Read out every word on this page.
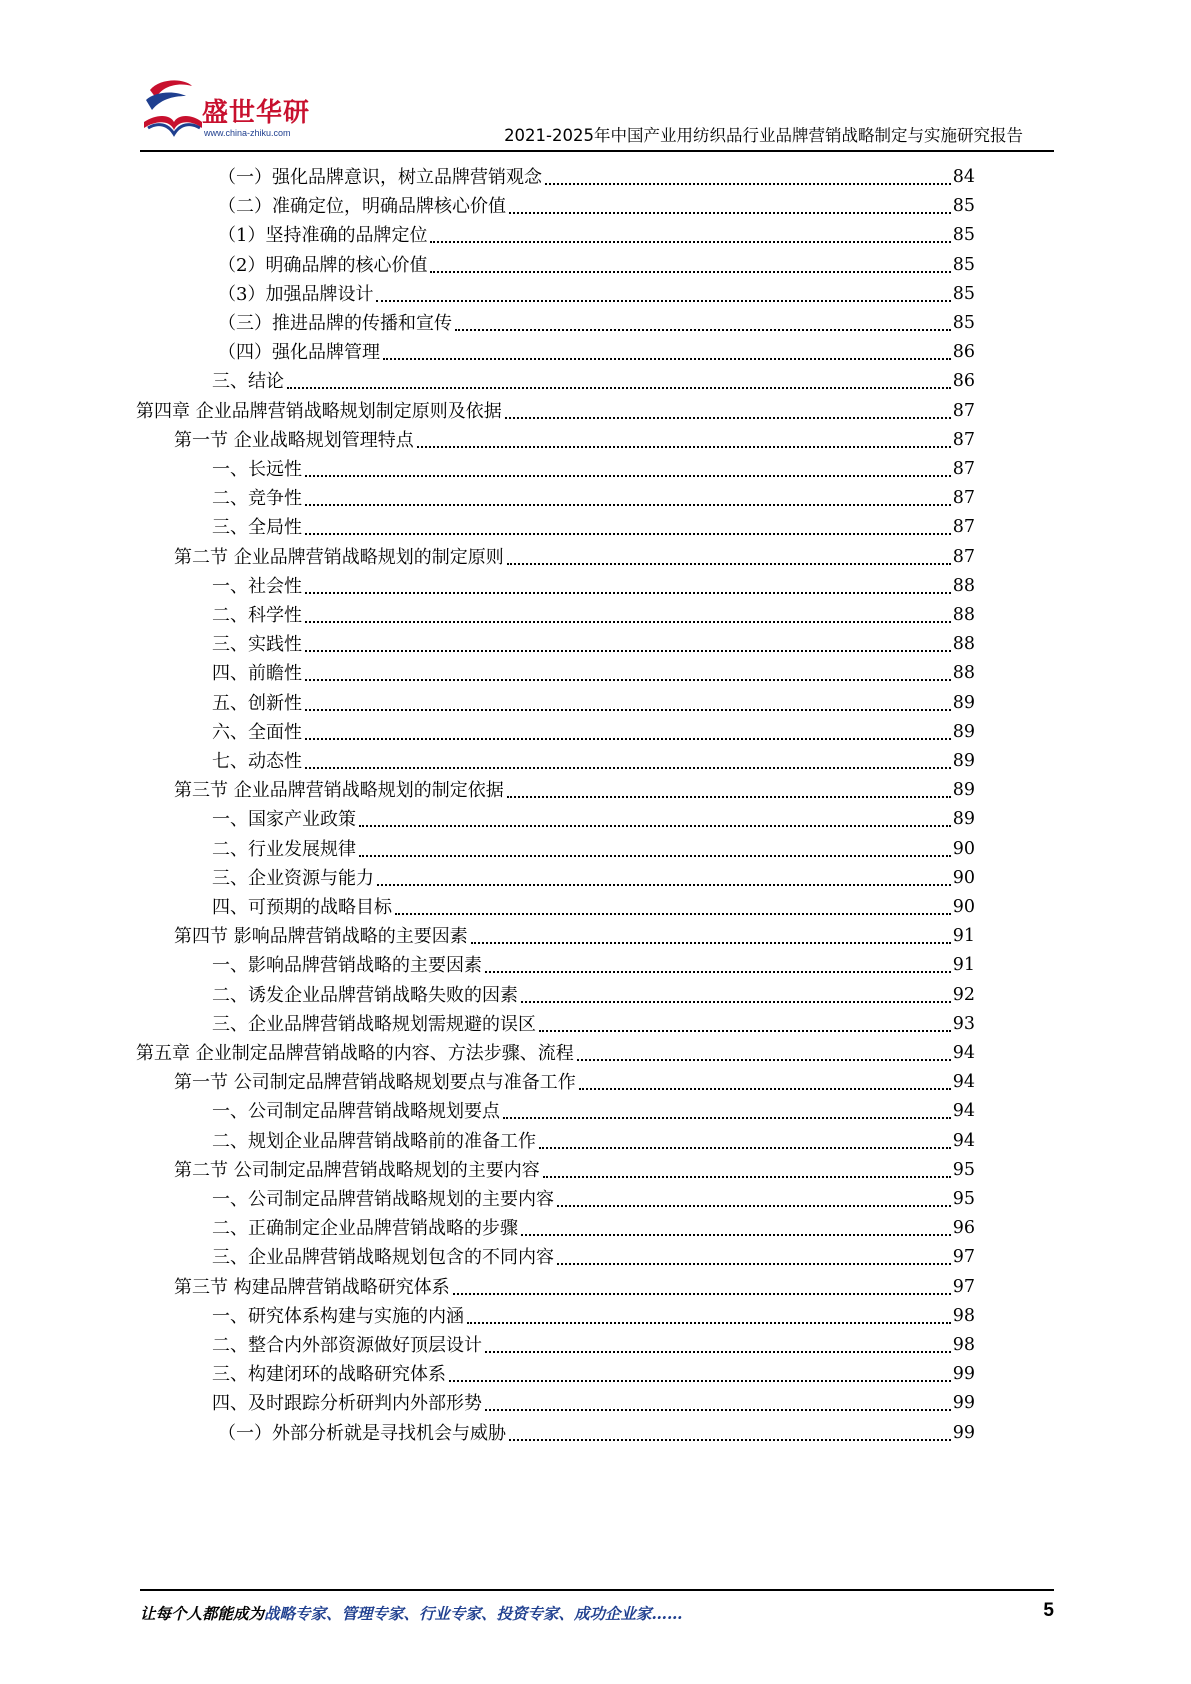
盛世华研
www.china-zhiku.com	2021-2025年中国产业用纺织品行业品牌营销战略制定与实施研究报告
（一）强化品牌意识，树立品牌营销观念	84
（二）准确定位，明确品牌核心价值	85
（1）坚持准确的品牌定位	85
（2）明确品牌的核心价值	85
（3）加强品牌设计	85
（三）推进品牌的传播和宣传	85
（四）强化品牌管理	86
三、结论	86
第四章 企业品牌营销战略规划制定原则及依据	87
第一节 企业战略规划管理特点	87
一、长远性	87
二、竞争性	87
三、全局性	87
第二节 企业品牌营销战略规划的制定原则	87
一、社会性	88
二、科学性	88
三、实践性	88
四、前瞻性	88
五、创新性	89
六、全面性	89
七、动态性	89
第三节 企业品牌营销战略规划的制定依据	89
一、国家产业政策	89
二、行业发展规律	90
三、企业资源与能力	90
四、可预期的战略目标	90
第四节 影响品牌营销战略的主要因素	91
一、影响品牌营销战略的主要因素	91
二、诱发企业品牌营销战略失败的因素	92
三、企业品牌营销战略规划需规避的误区	93
第五章 企业制定品牌营销战略的内容、方法步骤、流程	94
第一节 公司制定品牌营销战略规划要点与准备工作	94
一、公司制定品牌营销战略规划要点	94
二、规划企业品牌营销战略前的准备工作	94
第二节 公司制定品牌营销战略规划的主要内容	95
一、公司制定品牌营销战略规划的主要内容	95
二、正确制定企业品牌营销战略的步骤	96
三、企业品牌营销战略规划包含的不同内容	97
第三节 构建品牌营销战略研究体系	97
一、研究体系构建与实施的内涵	98
二、整合内外部资源做好顶层设计	98
三、构建闭环的战略研究体系	99
四、及时跟踪分析研判内外部形势	99
（一）外部分析就是寻找机会与威胁	99
让每个人都能成为战略专家、管理专家、行业专家、投资专家、成功企业家……	5
